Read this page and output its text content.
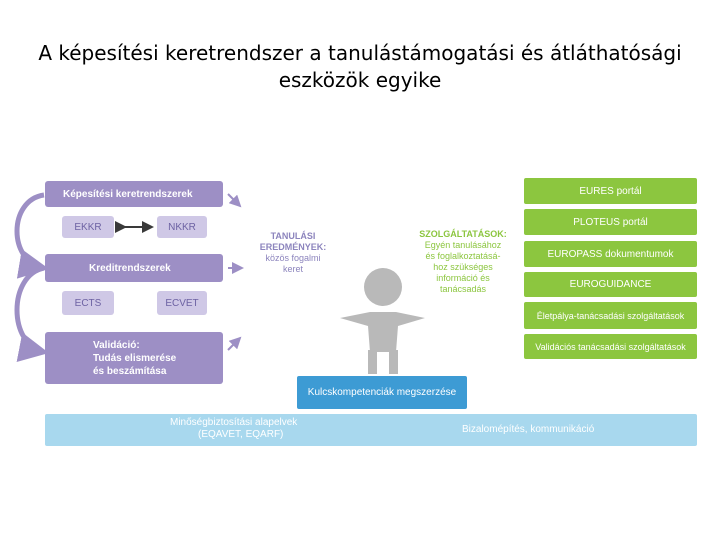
A képesítési keretrendszer a tanulástámogatási és átláthatósági
eszközök egyike
Képesítési keretrendszerek
EKKR	NKKR
Kreditrendszerek
ECTS	ECVET
Validáció:
Tudás elismerése
és beszámítása
TANULÁSI
EREDMÉNYEK:
közös fogalmi
keret
SZOLGÁLTATÁSOK:
Egyén tanulásához
és foglalkoztatásá-
hoz szükséges
információ és
tanácsadás
EURES portál
PLOTEUS portál
EUROPASS dokumentumok
EUROGUIDANCE
Életpálya-tanácsadási szolgáltatások
Validációs tanácsadási szolgáltatások
Kulcskompetenciák megszerzése
Minőségbiztosítási alapelvek
(EQAVET, EQARF)	Bizalomépítés, kommunikáció
